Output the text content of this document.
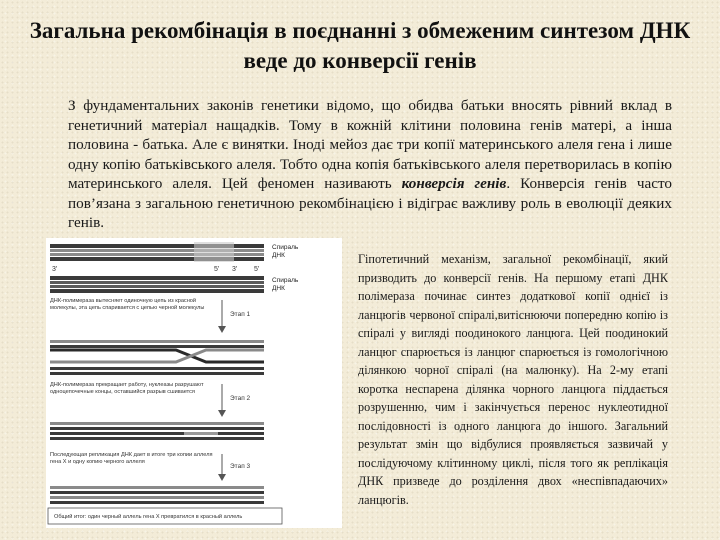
Загальна рекомбінація в поєднанні з обмеженим синтезом ДНК веде до конверсії генів
З фундаментальних законів генетики відомо, що обидва батьки вносять рівний вклад в генетичний матеріал нащадків. Тому в кожній клітини половина генів матері, а інша половина - батька. Але є винятки. Іноді мейоз дає три копії материнського алеля гена і лише одну копію батьківського алеля. Тобто одна копія батьківського алеля перетворилась в копію материнського алеля. Цей феномен називають конверсія генів. Конверсія генів часто пов’язана з загальною генетичною рекомбінацією і відіграє важливу роль в еволюції деяких генів.
3'	5' 3' 5'
Спираль
ДНК
Спираль
ДНК
ДНК-полимераза вытесняет одиночную цепь из красной молекулы, эта цепь спаривается с цепью черной молекулы
Этап 1
ДНК-полимераза прекращает работу, нуклеазы разрушают одноцепочечные концы, оставшийся разрыв сшивается
Этап 2
Последующая репликация ДНК дает в итоге три копии аллеля гена X и одну копию черного аллеля
Этап 3
Общий итог: один черный аллель гена X превратился в красный аллель
Гіпотетичний механізм, загальної рекомбінації, який призводить до конверсії генів. На першому етапі ДНК полімераза починає синтез додаткової копії однієї із ланцюгів червоної спіралі,витіснюючи попередню копію із спіралі у вигляді поодинокого ланцюга. Цей поодинокий ланцюг спарюється із ланцюг спарюється із гомологічною ділянкою чорної спіралі (на малюнку). На 2-му етапі коротка неспарена ділянка чорного ланцюга піддається розрушенню, чим і закінчується перенос нуклеотидної послідовності із одного ланцюга до іншого. Загальний результат змін що відбулися проявляється зазвичай у послідуючому клітинному циклі, після того як реплікація ДНК призведе до розділення двох «неспівпадаючих» ланцюгів.
